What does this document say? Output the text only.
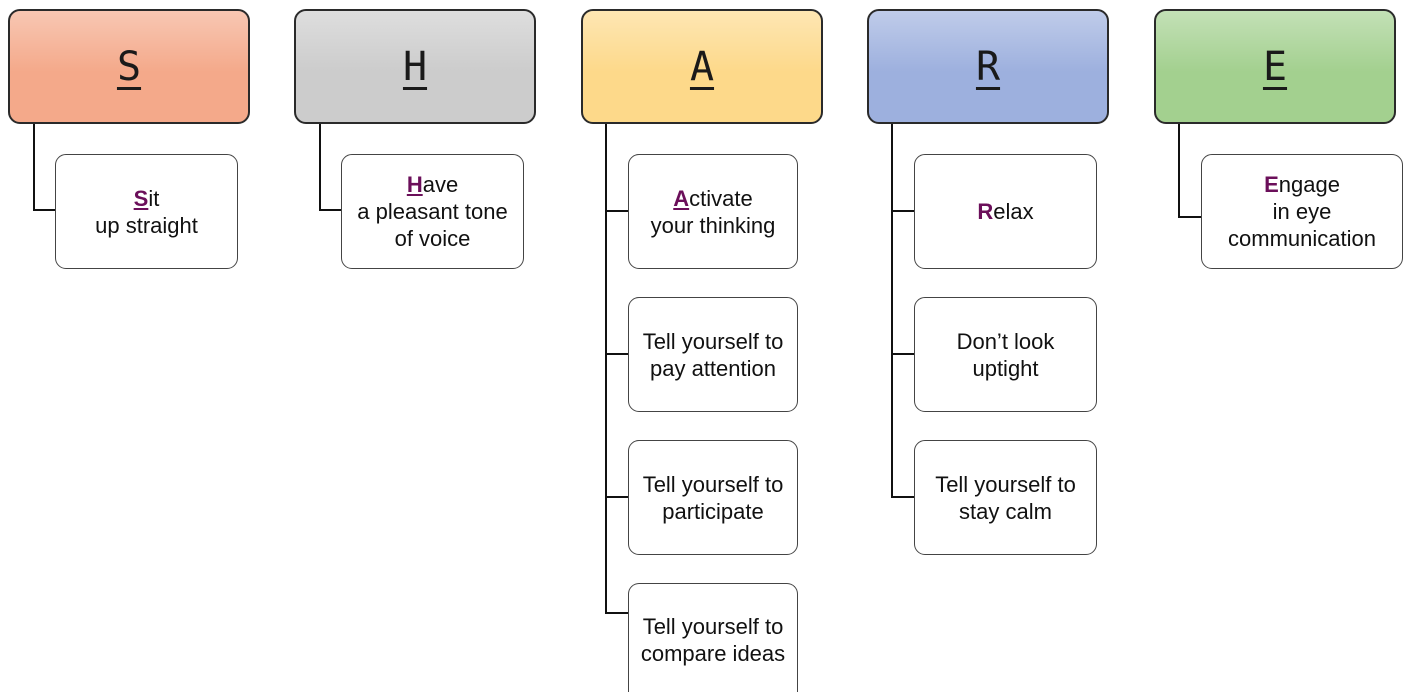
S	H	A	R	E
Sit
up straight
Have
a pleasant tone
of voice
Activate
your thinking
Tell yourself to
pay attention
Tell yourself to
participate
Tell yourself to
compare ideas
Relax
Don’t look
uptight
Tell yourself to
stay calm
Engage
in eye
communication
